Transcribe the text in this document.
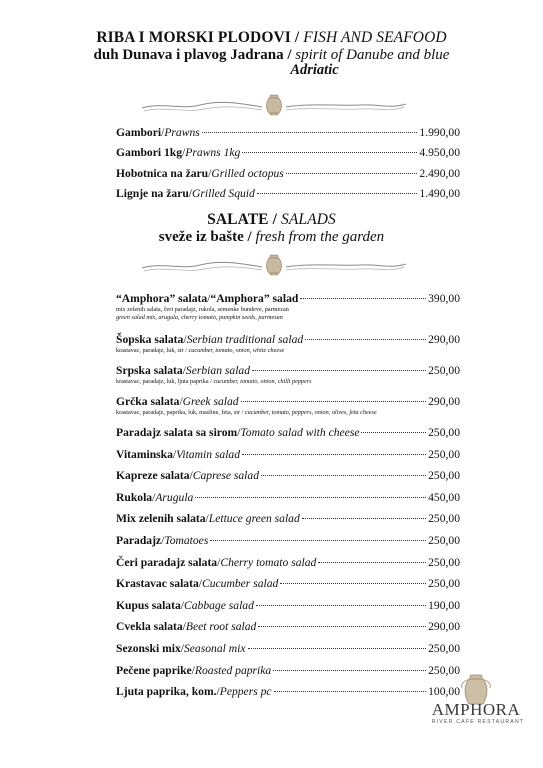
RIBA I MORSKI PLODOVI / FISH AND SEAFOOD
duh Dunava i plavog Jadrana / spirit of Danube and blue
Adriatic
Gambori / Prawns	1.990,00
Gambori 1kg / Prawns 1kg	4.950,00
Hobotnica na žaru / Grilled octopus	2.490,00
Lignje na žaru / Grilled Squid	1.490,00
SALATE / SALADS
sveže iz bašte / fresh from the garden
“Amphora” salata / “Amphora” salad	390,00
mix zelenih salata, čeri paradajz, rukola, semenke bundeve, parmezan
green salad mix, arugula, cherry tomato, pumpkin seeds, parmesan
Šopska salata / Serbian traditional salad	290,00
krastavac, paradajz, luk, sir / cucumber, tomato, onion, white cheese
Srpska salata / Serbian salad	250,00
krastavac, paradajz, luk, ljuta paprika / cucumber, tomato, onion, chilli peppers
Grčka salata / Greek salad	290,00
krastavac, paradajz, paprika, luk, masline, feta, sir / cucumber, tomato, peppers, onion, olives, feta cheese
Paradajz salata sa sirom / Tomato salad with cheese	250,00
Vitaminska / Vitamin salad	250,00
Kapreze salata / Caprese salad	250,00
Rukola / Arugula	450,00
Mix zelenih salata / Lettuce green salad	250,00
Paradajz / Tomatoes	250,00
Čeri paradajz salata / Cherry tomato salad	250,00
Krastavac salata / Cucumber salad	250,00
Kupus salata / Cabbage salad	190,00
Cvekla salata / Beet root salad	290,00
Sezonski mix / Seasonal mix	250,00
Pečene paprike / Roasted paprika	250,00
Ljuta paprika, kom. / Peppers pc	100,00
AMPHORA
RIVER CAFE RESTAURANT
